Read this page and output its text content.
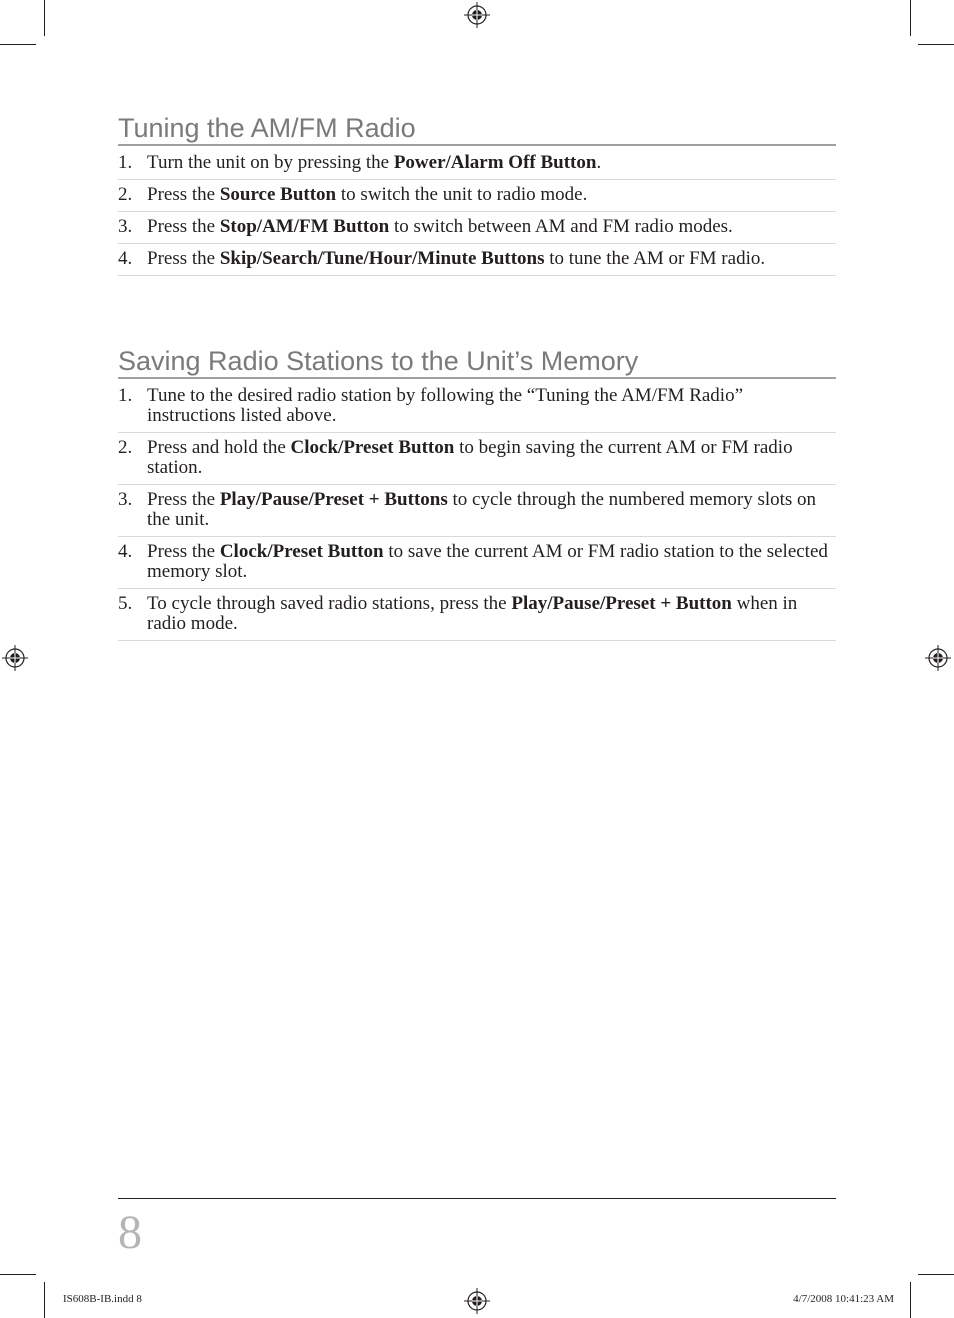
Tuning the AM/FM Radio
1. Turn the unit on by pressing the Power/Alarm Off Button.
2. Press the Source Button to switch the unit to radio mode.
3. Press the Stop/AM/FM Button to switch between AM and FM radio modes.
4. Press the Skip/Search/Tune/Hour/Minute Buttons to tune the AM or FM radio.
Saving Radio Stations to the Unit’s Memory
1. Tune to the desired radio station by following the “Tuning the AM/FM Radio” instructions listed above.
2. Press and hold the Clock/Preset Button to begin saving the current AM or FM radio station.
3. Press the Play/Pause/Preset + Buttons to cycle through the numbered memory slots on the unit.
4. Press the Clock/Preset Button to save the current AM or FM radio station to the selected memory slot.
5. To cycle through saved radio stations, press the Play/Pause/Preset + Button when in radio mode.
8
IS608B-IB.indd 8	4/7/2008 10:41:23 AM
